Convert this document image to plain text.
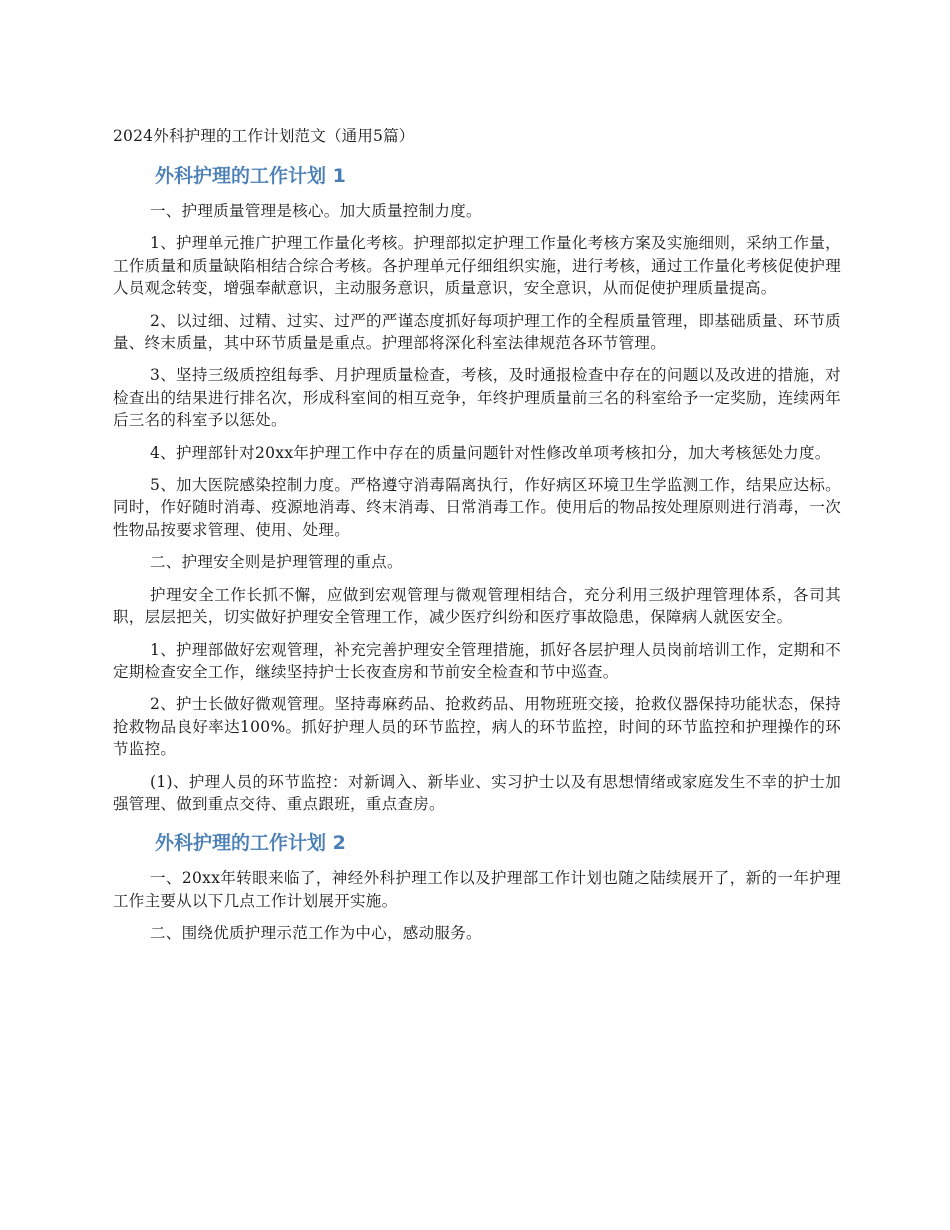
2024外科护理的工作计划范文（通用5篇）
外科护理的工作计划 1

一、护理质量管理是核心。加大质量控制力度。

1、护理单元推广护理工作量化考核。护理部拟定护理工作量化考核方案及实施细则，采纳工作量，工作质量和质量缺陷相结合综合考核。各护理单元仔细组织实施，进行考核，通过工作量化考核促使护理人员观念转变，增强奉献意识，主动服务意识，质量意识，安全意识，从而促使护理质量提高。

2、以过细、过精、过实、过严的严谨态度抓好每项护理工作的全程质量管理，即基础质量、环节质量、终末质量，其中环节质量是重点。护理部将深化科室法律规范各环节管理。

3、坚持三级质控组每季、月护理质量检查，考核，及时通报检查中存在的问题以及改进的措施，对检查出的结果进行排名次，形成科室间的相互竞争，年终护理质量前三名的科室给予一定奖励，连续两年后三名的科室予以惩处。

4、护理部针对20xx年护理工作中存在的质量问题针对性修改单项考核扣分，加大考核惩处力度。

5、加大医院感染控制力度。严格遵守消毒隔离执行，作好病区环境卫生学监测工作，结果应达标。同时，作好随时消毒、疫源地消毒、终末消毒、日常消毒工作。使用后的物品按处理原则进行消毒，一次性物品按要求管理、使用、处理。

二、护理安全则是护理管理的重点。

护理安全工作长抓不懈，应做到宏观管理与微观管理相结合，充分利用三级护理管理体系，各司其职，层层把关，切实做好护理安全管理工作，减少医疗纠纷和医疗事故隐患，保障病人就医安全。

1、护理部做好宏观管理，补充完善护理安全管理措施，抓好各层护理人员岗前培训工作，定期和不定期检查安全工作，继续坚持护士长夜查房和节前安全检查和节中巡查。

2、护士长做好微观管理。坚持毒麻药品、抢救药品、用物班班交接，抢救仪器保持功能状态，保持抢救物品良好率达100%。抓好护理人员的环节监控，病人的环节监控，时间的环节监控和护理操作的环节监控。

(1)、护理人员的环节监控：对新调入、新毕业、实习护士以及有思想情绪或家庭发生不幸的护士加强管理、做到重点交待、重点跟班，重点查房。

外科护理的工作计划 2

一、20xx年转眼来临了，神经外科护理工作以及护理部工作计划也随之陆续展开了，新的一年护理工作主要从以下几点工作计划展开实施。

二、围绕优质护理示范工作为中心，感动服务。
